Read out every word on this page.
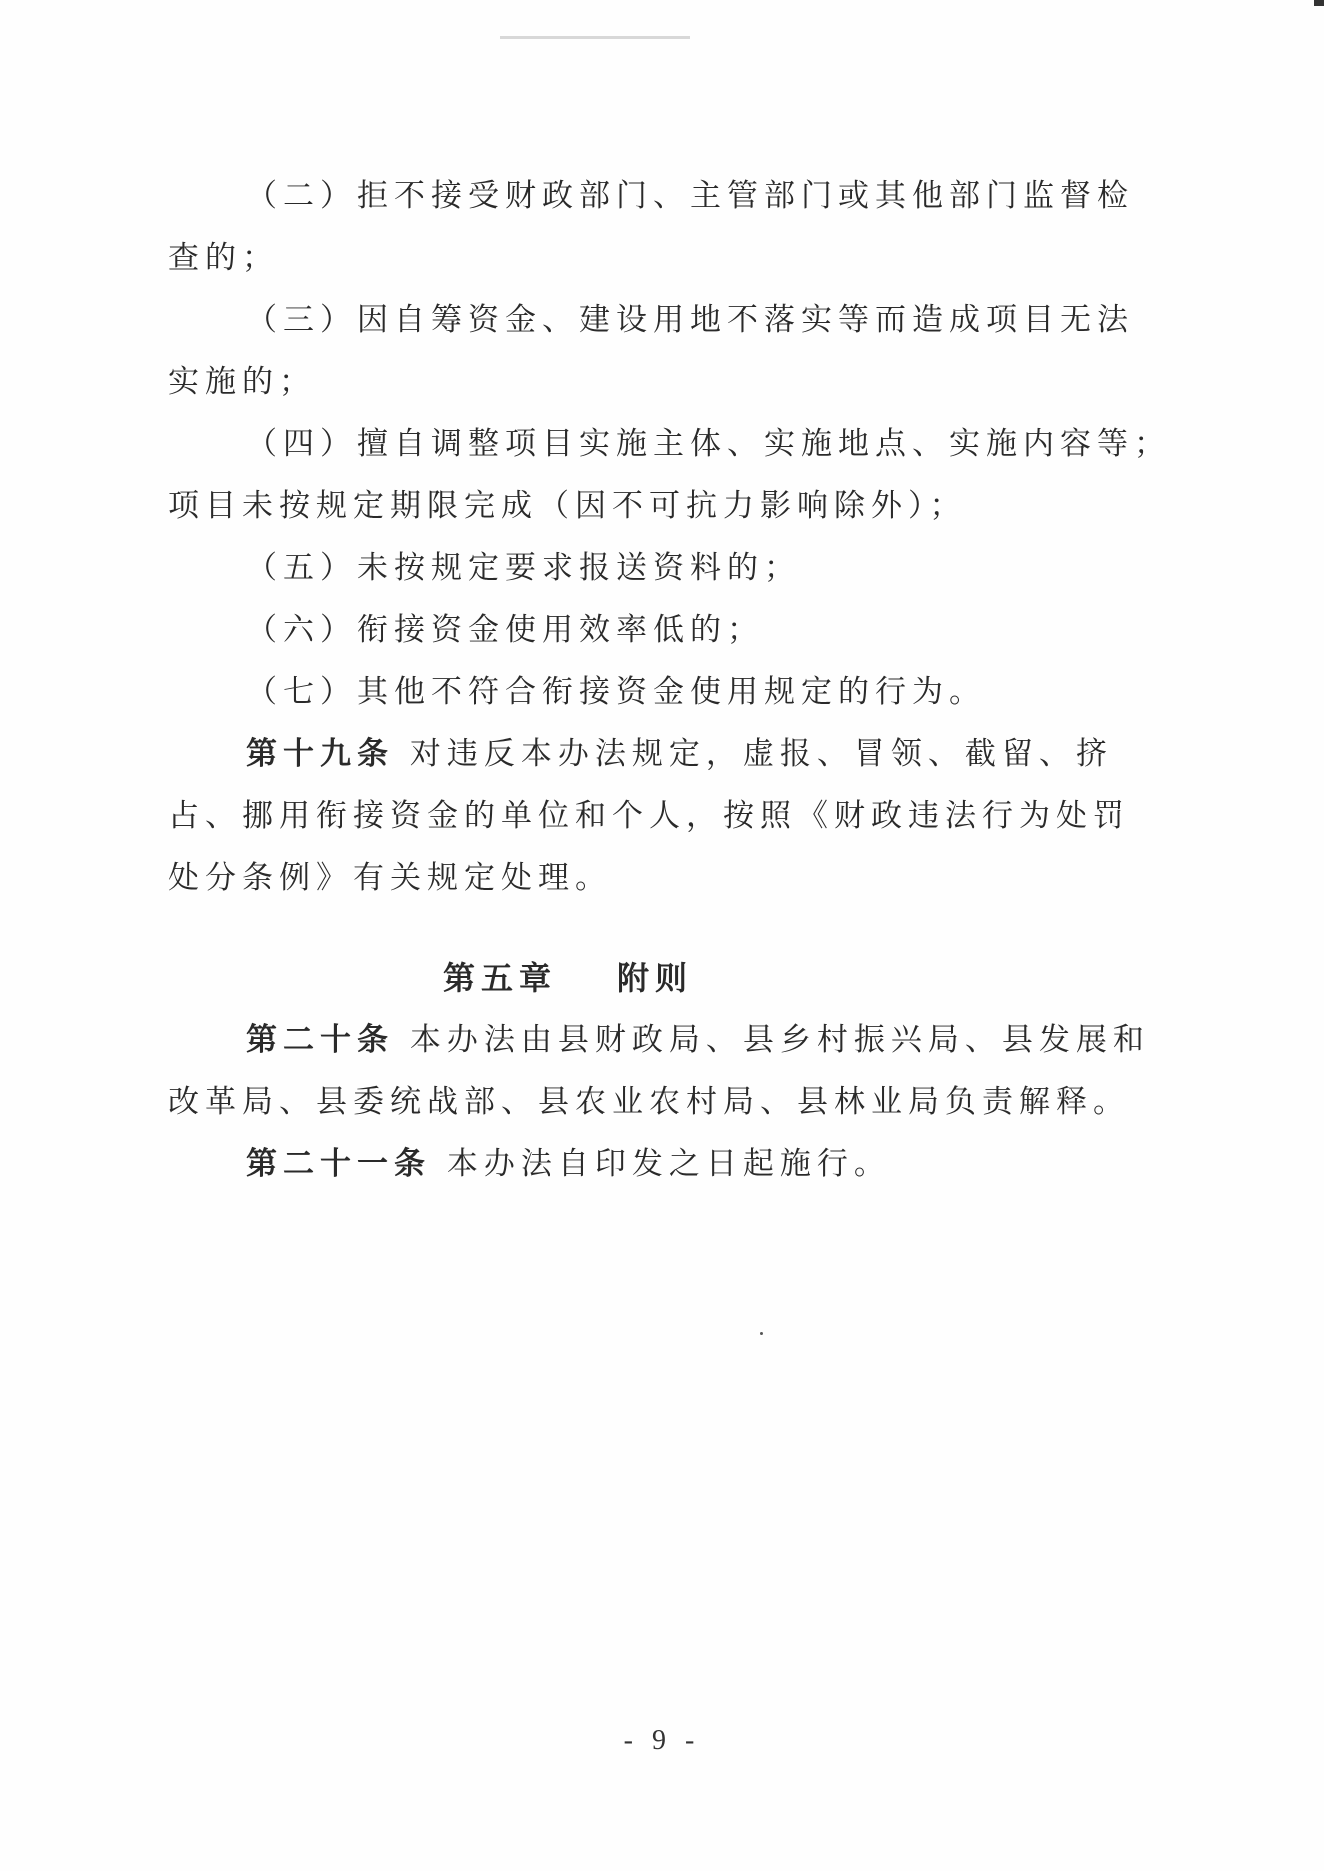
（二）拒不接受财政部门、主管部门或其他部门监督检
查的；
（三）因自筹资金、建设用地不落实等而造成项目无法
实施的；
（四）擅自调整项目实施主体、实施地点、实施内容等；
项目未按规定期限完成（因不可抗力影响除外）；
（五）未按规定要求报送资料的；
（六）衔接资金使用效率低的；
（七）其他不符合衔接资金使用规定的行为。
第十九条 对违反本办法规定，虚报、冒领、截留、挤
占、挪用衔接资金的单位和个人，按照《财政违法行为处罚
处分条例》有关规定处理。
第五章 附则
第二十条 本办法由县财政局、县乡村振兴局、县发展和
改革局、县委统战部、县农业农村局、县林业局负责解释。
第二十一条 本办法自印发之日起施行。
- 9 -
